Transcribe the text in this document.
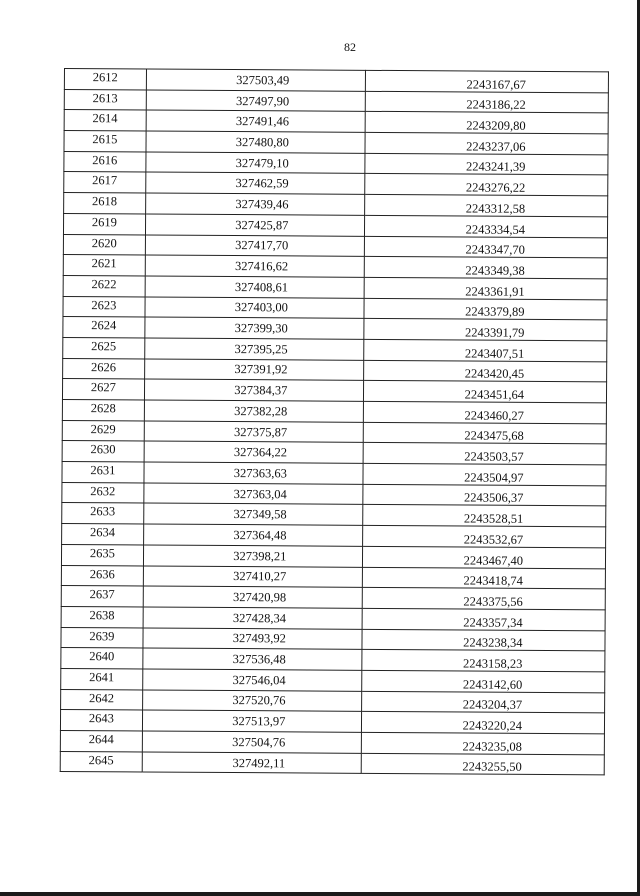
82
2612	327503,49	2243167,67
2613	327497,90	2243186,22
2614	327491,46	2243209,80
2615	327480,80	2243237,06
2616	327479,10	2243241,39
2617	327462,59	2243276,22
2618	327439,46	2243312,58
2619	327425,87	2243334,54
2620	327417,70	2243347,70
2621	327416,62	2243349,38
2622	327408,61	2243361,91
2623	327403,00	2243379,89
2624	327399,30	2243391,79
2625	327395,25	2243407,51
2626	327391,92	2243420,45
2627	327384,37	2243451,64
2628	327382,28	2243460,27
2629	327375,87	2243475,68
2630	327364,22	2243503,57
2631	327363,63	2243504,97
2632	327363,04	2243506,37
2633	327349,58	2243528,51
2634	327364,48	2243532,67
2635	327398,21	2243467,40
2636	327410,27	2243418,74
2637	327420,98	2243375,56
2638	327428,34	2243357,34
2639	327493,92	2243238,34
2640	327536,48	2243158,23
2641	327546,04	2243142,60
2642	327520,76	2243204,37
2643	327513,97	2243220,24
2644	327504,76	2243235,08
2645	327492,11	2243255,50
